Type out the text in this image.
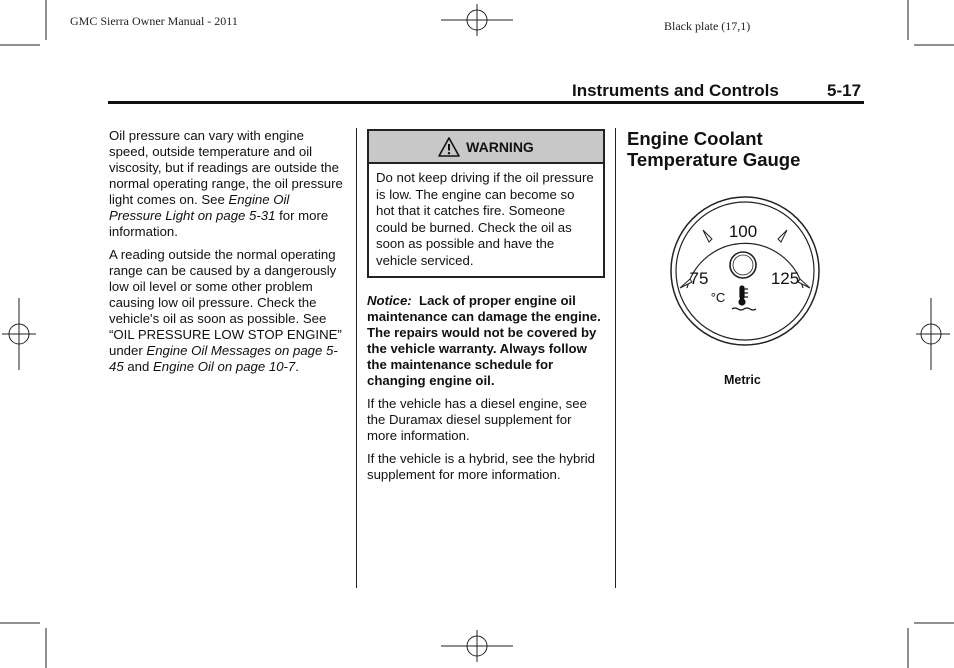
GMC Sierra Owner Manual - 2011	Black plate (17,1)
Instruments and Controls	5-17

Oil pressure can vary with engine speed, outside temperature and oil viscosity, but if readings are outside the normal operating range, the oil pressure light comes on. See Engine Oil Pressure Light on page 5-31 for more information.

A reading outside the normal operating range can be caused by a dangerously low oil level or some other problem causing low oil pressure. Check the vehicle's oil as soon as possible. See “OIL PRESSURE LOW STOP ENGINE” under Engine Oil Messages on page 5-45 and Engine Oil on page 10-7.

WARNING
Do not keep driving if the oil pressure is low. The engine can become so hot that it catches fire. Someone could be burned. Check the oil as soon as possible and have the vehicle serviced.
Notice: Lack of proper engine oil maintenance can damage the engine. The repairs would not be covered by the vehicle warranty. Always follow the maintenance schedule for changing engine oil.

If the vehicle has a diesel engine, see the Duramax diesel supplement for more information.

If the vehicle is a hybrid, see the hybrid supplement for more information.

Engine Coolant
Temperature Gauge
100
75	125
°C
Metric
